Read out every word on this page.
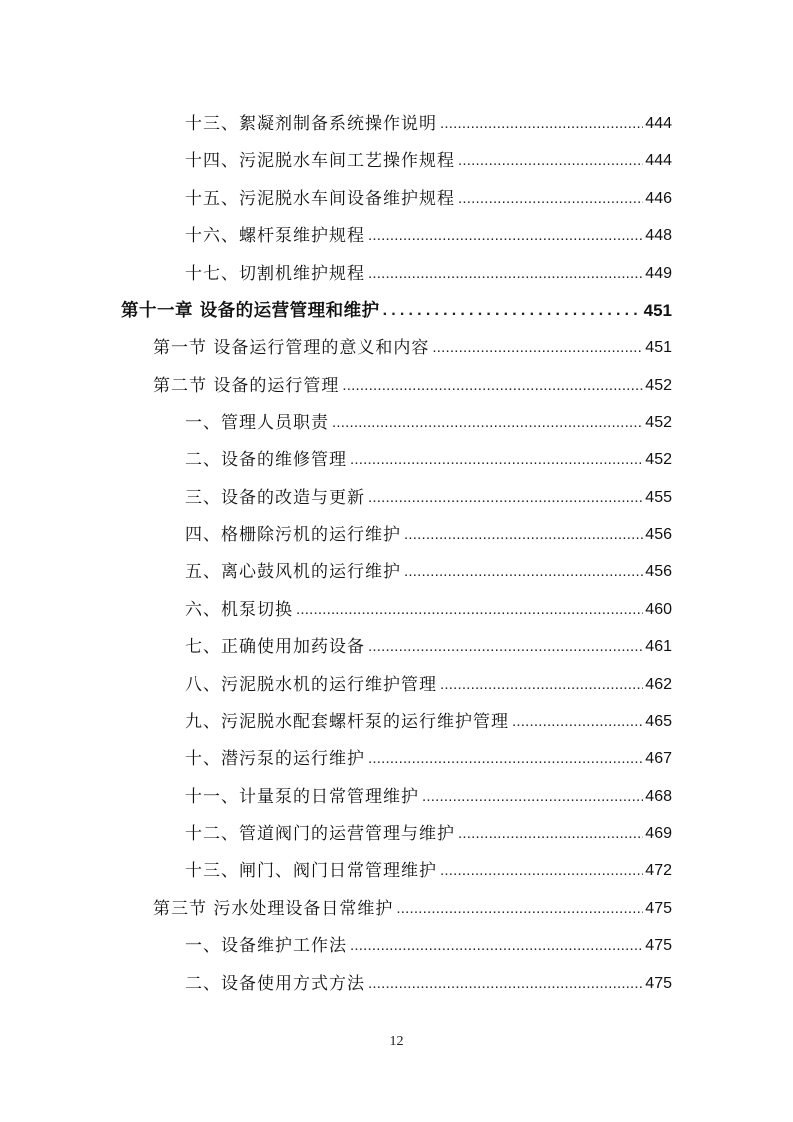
十三、絮凝剂制备系统操作说明 .....	444
十四、污泥脱水车间工艺操作规程 .....	444
十五、污泥脱水车间设备维护规程 .....	446
十六、螺杆泵维护规程 .....	448
十七、切割机维护规程 .....	449
第十一章 设备的运营管理和维护 .....	451
第一节 设备运行管理的意义和内容 .....	451
第二节 设备的运行管理 .....	452
一、管理人员职责 .....	452
二、设备的维修管理 .....	452
三、设备的改造与更新 .....	455
四、格栅除污机的运行维护 .....	456
五、离心鼓风机的运行维护 .....	456
六、机泵切换 .....	460
七、正确使用加药设备 .....	461
八、污泥脱水机的运行维护管理 .....	462
九、污泥脱水配套螺杆泵的运行维护管理 .....	465
十、潜污泵的运行维护 .....	467
十一、计量泵的日常管理维护 .....	468
十二、管道阀门的运营管理与维护 .....	469
十三、闸门、阀门日常管理维护 .....	472
第三节 污水处理设备日常维护 .....	475
一、设备维护工作法 .....	475
二、设备使用方式方法 .....	475
12
